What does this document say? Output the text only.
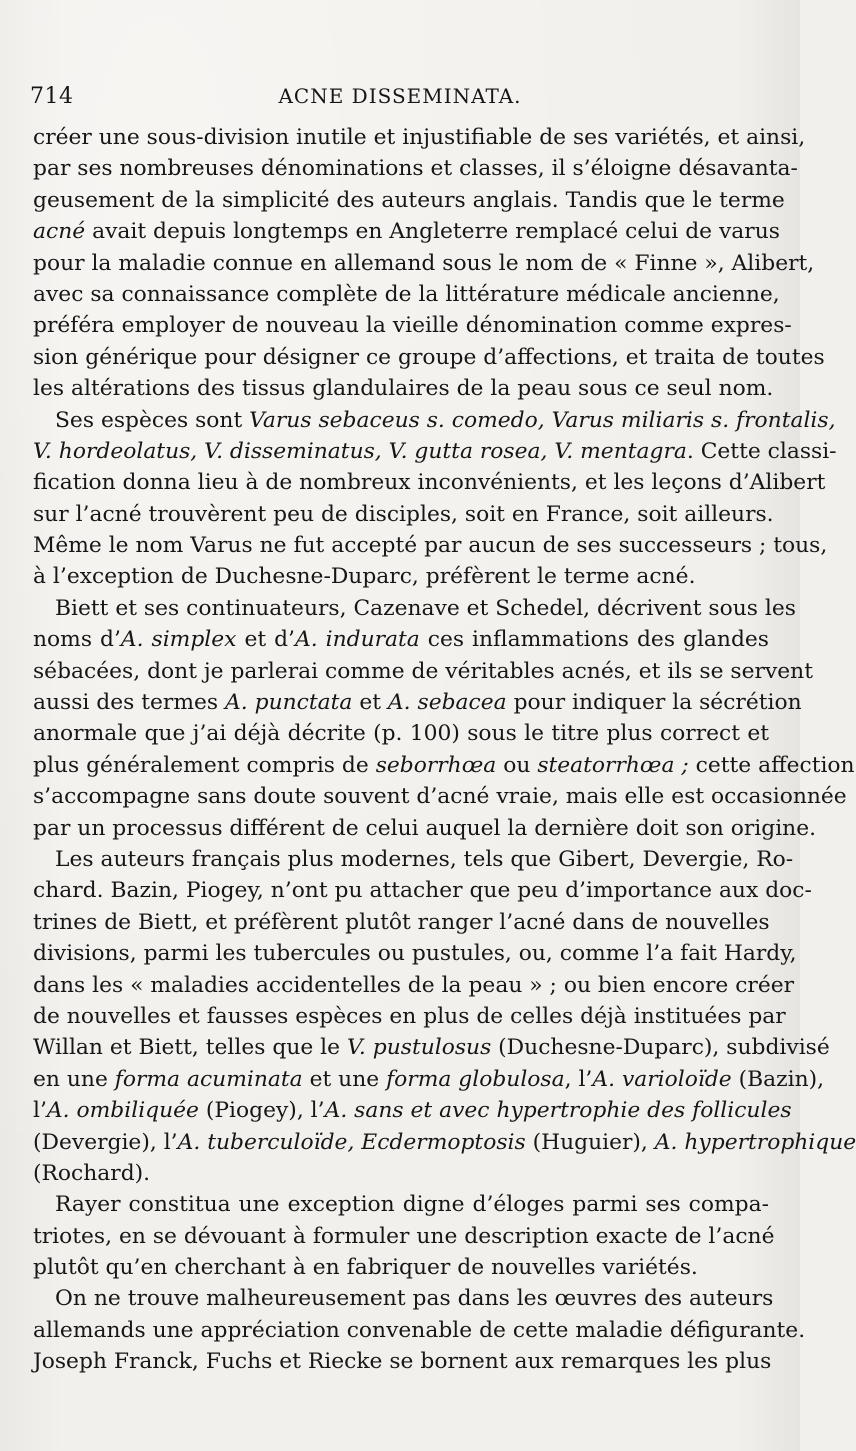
714	ACNE DISSEMINATA.
créer une sous-division inutile et injustifiable de ses variétés, et ainsi,
par ses nombreuses dénominations et classes, il s’éloigne désavanta-
geusement de la simplicité des auteurs anglais. Tandis que le terme
acné avait depuis longtemps en Angleterre remplacé celui de varus
pour la maladie connue en allemand sous le nom de « Finne », Alibert,
avec sa connaissance complète de la littérature médicale ancienne,
préféra employer de nouveau la vieille dénomination comme expres-
sion générique pour désigner ce groupe d’affections, et traita de toutes
les altérations des tissus glandulaires de la peau sous ce seul nom.
Ses espèces sont Varus sebaceus s. comedo, Varus miliaris s. frontalis,
V. hordeolatus, V. disseminatus, V. gutta rosea, V. mentagra. Cette classi-
fication donna lieu à de nombreux inconvénients, et les leçons d’Alibert
sur l’acné trouvèrent peu de disciples, soit en France, soit ailleurs.
Même le nom Varus ne fut accepté par aucun de ses successeurs ; tous,
à l’exception de Duchesne-Duparc, préfèrent le terme acné.
Biett et ses continuateurs, Cazenave et Schedel, décrivent sous les
noms d’A. simplex et d’A. indurata ces inflammations des glandes
sébacées, dont je parlerai comme de véritables acnés, et ils se servent
aussi des termes A. punctata et A. sebacea pour indiquer la sécrétion
anormale que j’ai déjà décrite (p. 100) sous le titre plus correct et
plus généralement compris de seborrhœa ou steatorrhœa ; cette affection
s’accompagne sans doute souvent d’acné vraie, mais elle est occasionnée
par un processus différent de celui auquel la dernière doit son origine.
Les auteurs français plus modernes, tels que Gibert, Devergie, Ro-
chard. Bazin, Piogey, n’ont pu attacher que peu d’importance aux doc-
trines de Biett, et préfèrent plutôt ranger l’acné dans de nouvelles
divisions, parmi les tubercules ou pustules, ou, comme l’a fait Hardy,
dans les « maladies accidentelles de la peau » ; ou bien encore créer
de nouvelles et fausses espèces en plus de celles déjà instituées par
Willan et Biett, telles que le V. pustulosus (Duchesne-Duparc), subdivisé
en une forma acuminata et une forma globulosa, l’A. varioloïde (Bazin),
l’A. ombiliquée (Piogey), l’A. sans et avec hypertrophie des follicules
(Devergie), l’A. tuberculoïde, Ecdermoptosis (Huguier), A. hypertrophique
(Rochard).
Rayer constitua une exception digne d’éloges parmi ses compa-
triotes, en se dévouant à formuler une description exacte de l’acné
plutôt qu’en cherchant à en fabriquer de nouvelles variétés.
On ne trouve malheureusement pas dans les œuvres des auteurs
allemands une appréciation convenable de cette maladie défigurante.
Joseph Franck, Fuchs et Riecke se bornent aux remarques les plus
